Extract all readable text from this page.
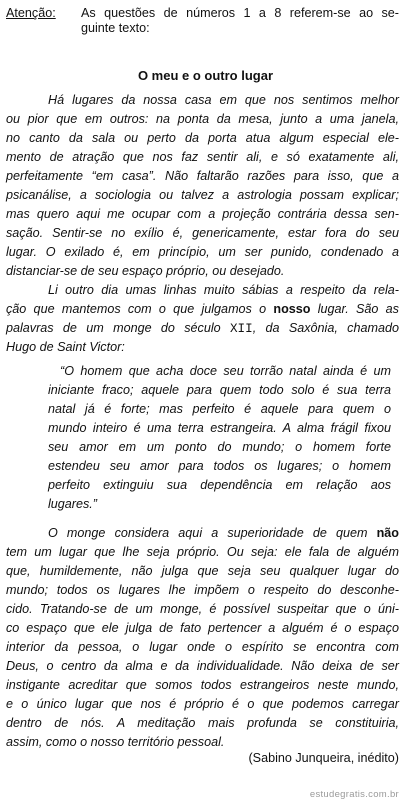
Atenção: As questões de números 1 a 8 referem-se ao se-
guinte texto:
O meu e o outro lugar
Há lugares da nossa casa em que nos sentimos melhor
ou pior que em outros: na ponta da mesa, junto a uma janela,
no canto da sala ou perto da porta atua algum especial ele-
mento de atração que nos faz sentir ali, e só exatamente ali,
perfeitamente “em casa”. Não faltarão razões para isso, que a
psicanálise, a sociologia ou talvez a astrologia possam explicar;
mas quero aqui me ocupar com a projeção contrária dessa sen-
sação. Sentir-se no exílio é, genericamente, estar fora do seu
lugar. O exilado é, em princípio, um ser punido, condenado a
distanciar-se de seu espaço próprio, ou desejado.
Li outro dia umas linhas muito sábias a respeito da rela-
ção que mantemos com o que julgamos o nosso lugar. São as
palavras de um monge do século XII, da Saxônia, chamado
Hugo de Saint Victor:
“O homem que acha doce seu torrão natal ainda é um
iniciante fraco; aquele para quem todo solo é sua terra
natal já é forte; mas perfeito é aquele para quem o
mundo inteiro é uma terra estrangeira. A alma frágil fixou
seu amor em um ponto do mundo; o homem forte
estendeu seu amor para todos os lugares; o homem
perfeito extinguiu sua dependência em relação aos
lugares.”
O monge considera aqui a superioridade de quem não
tem um lugar que lhe seja próprio. Ou seja: ele fala de alguém
que, humildemente, não julga que seja seu qualquer lugar do
mundo; todos os lugares lhe impõem o respeito do desconhe-
cido. Tratando-se de um monge, é possível suspeitar que o úni-
co espaço que ele julga de fato pertencer a alguém é o espaço
interior da pessoa, o lugar onde o espírito se encontra com
Deus, o centro da alma e da individualidade. Não deixa de ser
instigante acreditar que somos todos estrangeiros neste mundo,
e o único lugar que nos é próprio é o que podemos carregar
dentro de nós. A meditação mais profunda se constituiria,
assim, como o nosso território pessoal.
(Sabino Junqueira, inédito)
estudegratis.com.br
